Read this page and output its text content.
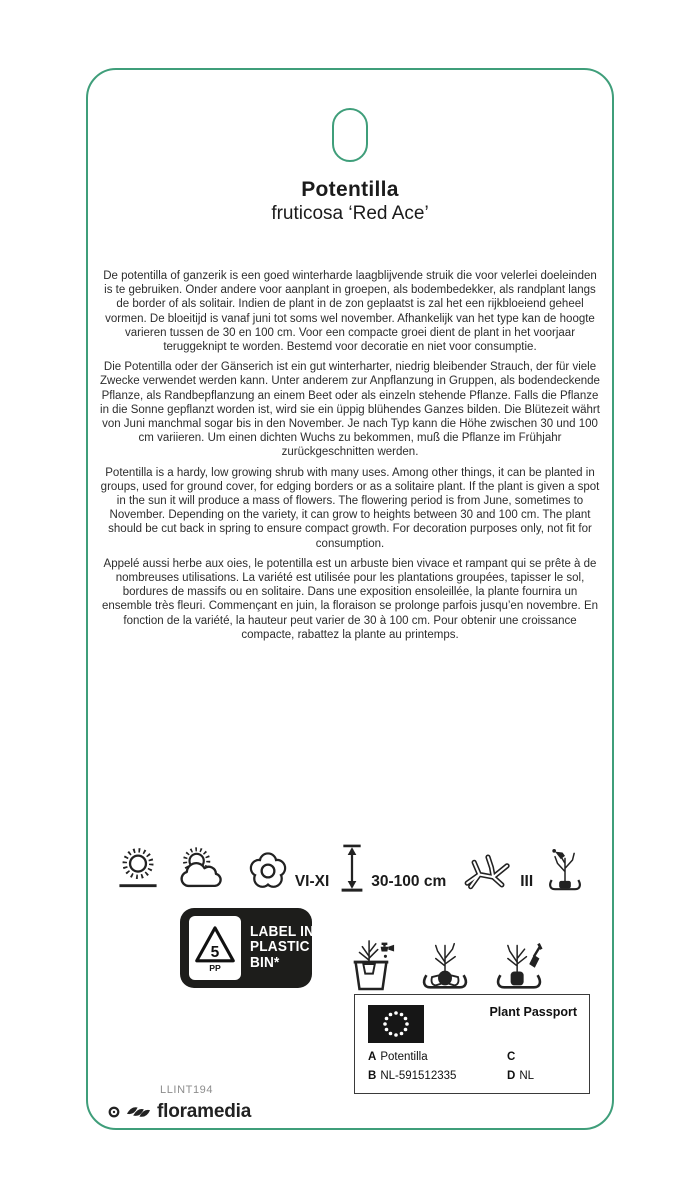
Potentilla
fruticosa ‘Red Ace’

De potentilla of ganzerik is een goed winterharde laagblijvende struik die voor velerlei doeleinden is te gebruiken. Onder andere voor aanplant in groepen, als bodembedekker, als randplant langs de border of als solitair. Indien de plant in de zon geplaatst is zal het een rijkbloeiend geheel vormen. De bloeitijd is vanaf juni tot soms wel november. Afhankelijk van het type kan de hoogte varieren tussen de 30 en 100 cm. Voor een compacte groei dient de plant in het voorjaar teruggeknipt te worden. Bestemd voor decoratie en niet voor consumptie.

Die Potentilla oder der Gänserich ist ein gut winterharter, niedrig bleibender Strauch, der für viele Zwecke verwendet werden kann. Unter anderem zur Anpflanzung in Gruppen, als bodendeckende Pflanze, als Randbepflanzung an einem Beet oder als einzeln stehende Pflanze. Falls die Pflanze in die Sonne gepflanzt worden ist, wird sie ein üppig blühendes Ganzes bilden. Die Blütezeit währt von Juni manchmal sogar bis in den November. Je nach Typ kann die Höhe zwischen 30 und 100 cm variieren. Um einen dichten Wuchs zu bekommen, muß die Pflanze im Frühjahr zurückgeschnitten werden.

Potentilla is a hardy, low growing shrub with many uses. Among other things, it can be planted in groups, used for ground cover, for edging borders or as a solitaire plant. If the plant is given a spot in the sun it will produce a mass of flowers. The flowering period is from June, sometimes to November. Depending on the variety, it can grow to heights between 30 and 100 cm. The plant should be cut back in spring to ensure compact growth. For decoration purposes only, not fit for consumption.

Appelé aussi herbe aux oies, le potentilla est un arbuste bien vivace et rampant qui se prête à de nombreuses utilisations. La variété est utilisée pour les plantations groupées, tapisser le sol, bordures de massifs ou en solitaire. Dans une exposition ensoleillée, la plante fournira un ensemble très fleuri. Commençant en juin, la floraison se prolonge parfois jusqu’en novembre. En fonction de la variété, la hauteur peut varier de 30 à 100 cm. Pour obtenir une croissance compacte, rabattez la plante au printemps.

VI-XI	30-100 cm	III
5
PP
LABEL IN
PLASTIC
BIN*
Plant Passport
A Potentilla
B NL-591512335
C
D NL
LLINT194
floramedia
